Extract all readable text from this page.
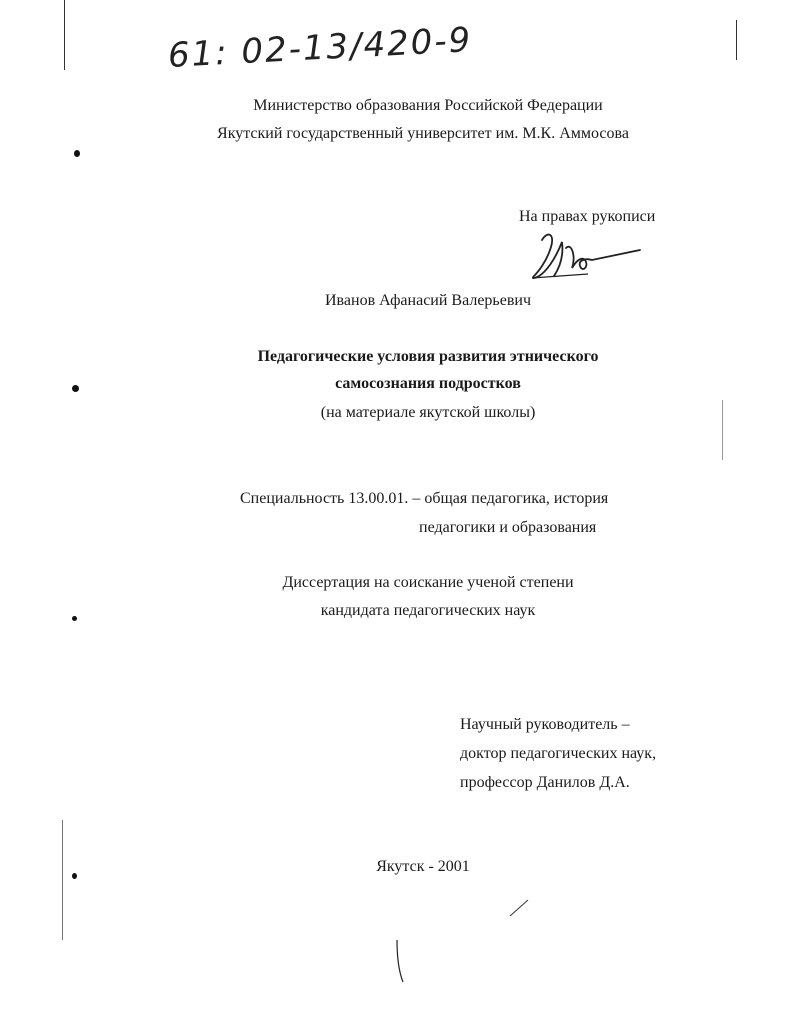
61: 02-13/420-9
Министерство образования Российской Федерации
Якутский государственный университет им. М.К. Аммосова
На правах рукописи
Иванов Афанасий Валерьевич
Педагогические условия развития этнического
самосознания подростков
(на материале якутской школы)
Специальность 13.00.01. – общая педагогика, история
педагогики и образования
Диссертация на соискание ученой степени
кандидата педагогических наук
Научный руководитель –
доктор педагогических наук,
профессор Данилов Д.А.
Якутск - 2001
